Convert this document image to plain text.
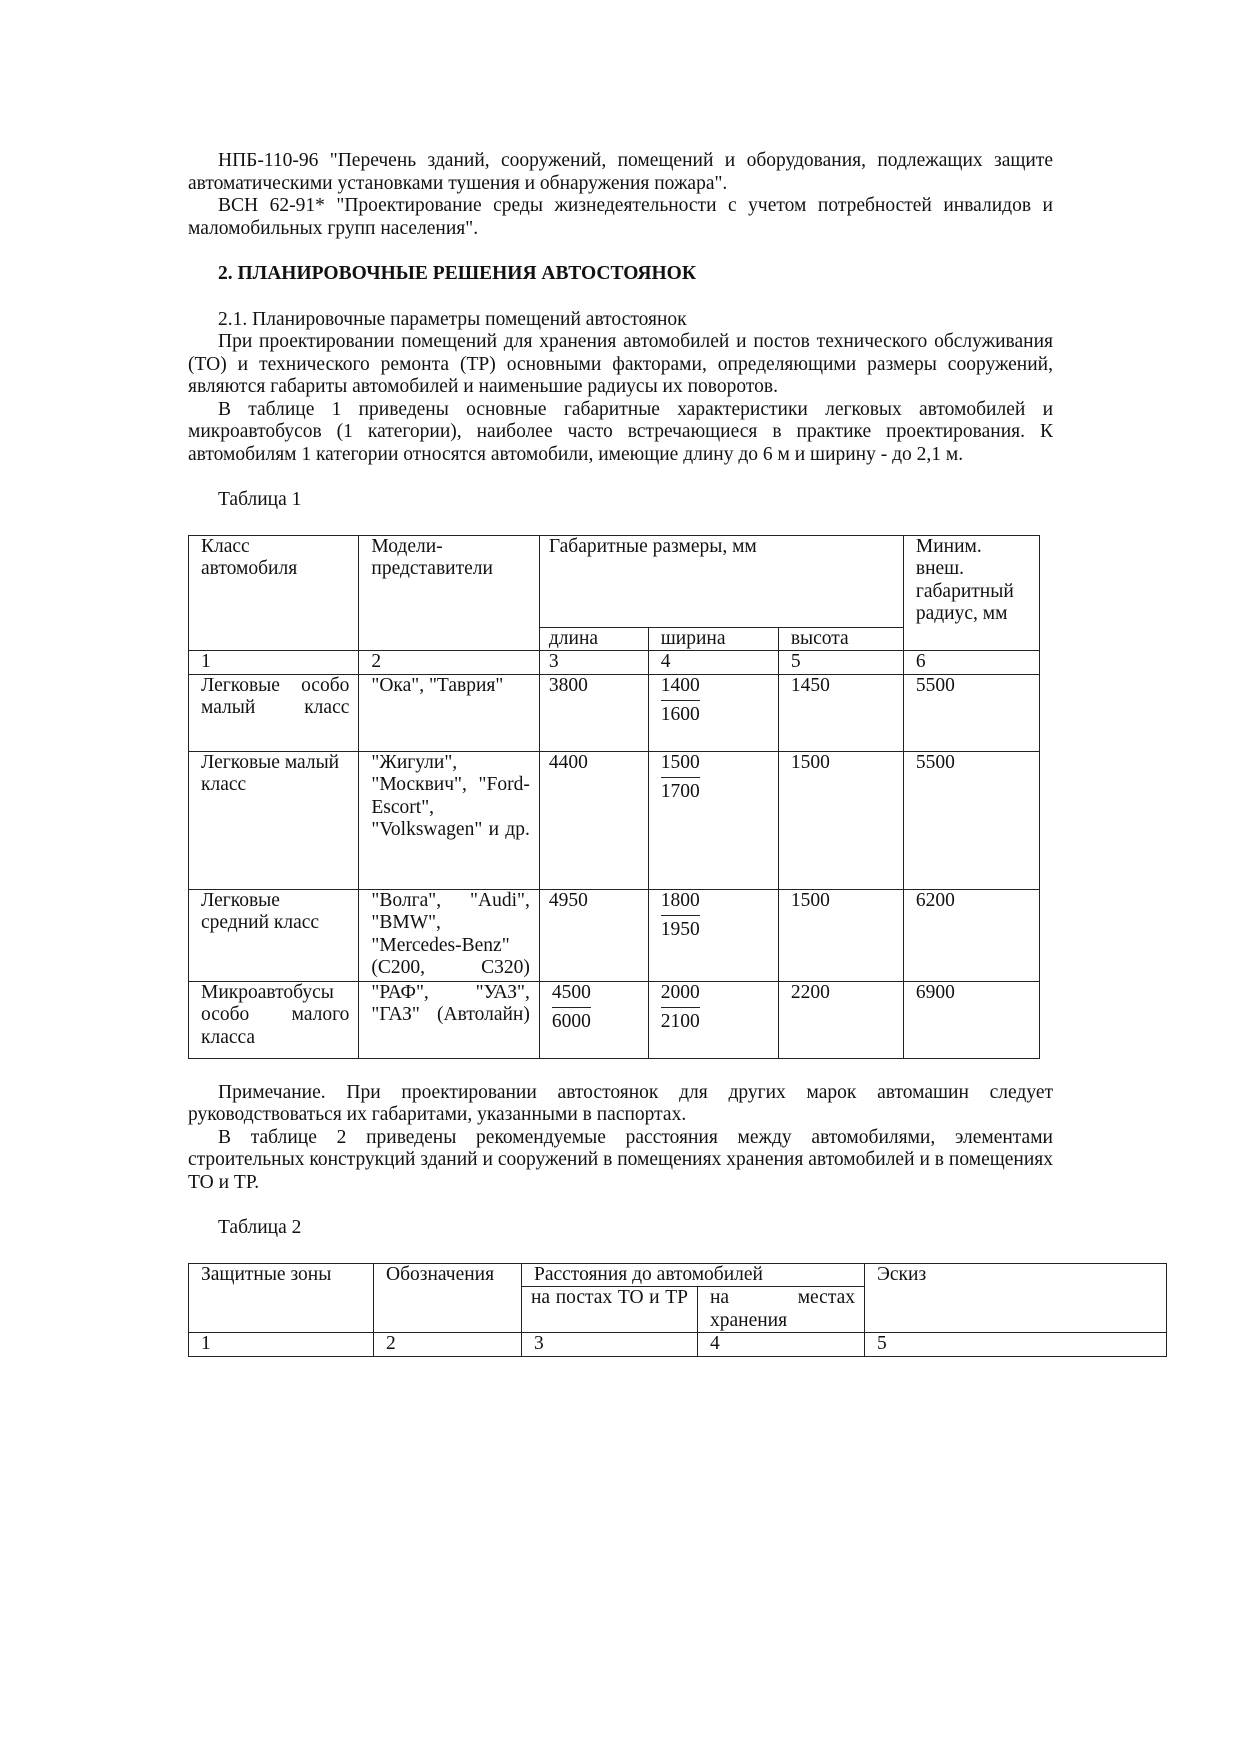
НПБ-110-96 "Перечень зданий, сооружений, помещений и оборудования, подлежащих защите автоматическими установками тушения и обнаружения пожара".

ВСН 62-91* "Проектирование среды жизнедеятельности с учетом потребностей инвалидов и маломобильных групп населения".

2. ПЛАНИРОВОЧНЫЕ РЕШЕНИЯ АВТОСТОЯНОК

2.1. Планировочные параметры помещений автостоянок

При проектировании помещений для хранения автомобилей и постов технического обслуживания (ТО) и технического ремонта (ТР) основными факторами, определяющими размеры сооружений, являются габариты автомобилей и наименьшие радиусы их поворотов.

В таблице 1 приведены основные габаритные характеристики легковых автомобилей и микроавтобусов (1 категории), наиболее часто встречающиеся в практике проектирования. К автомобилям 1 категории относятся автомобили, имеющие длину до 6 м и ширину - до 2,1 м.

Таблица 1
Класс автомобиля	Модели-представители	Габаритные размеры, мм			Миним. внеш. габаритный радиус, мм
		длина	ширина	высота	
1	2	3	4	5	6
Легковые особо малый класс	"Ока", "Таврия"	3800	$\frac{1400}{1600}$	1450	5500
Легковые малый класс	"Жигули", "Москвич", "Ford-Escort", "Volkswagen" и др.	4400	$\frac{1500}{1700}$	1500	5500
Легковые средний класс	"Волга", "Audi", "BMW", "Mercedes-Benz" (C200, C320)	4950	$\frac{1800}{1950}$	1500	6200
Микроавтобусы особо малого класса	"РАФ", "УАЗ", "ГАЗ" (Автолайн)	$\frac{4500}{6000}$	$\frac{2000}{2100}$	2200	6900

Примечание. При проектировании автостоянок для других марок автомашин следует руководствоваться их габаритами, указанными в паспортах.

В таблице 2 приведены рекомендуемые расстояния между автомобилями, элементами строительных конструкций зданий и сооружений в помещениях хранения автомобилей и в помещениях ТО и ТР.

Таблица 2
Защитные зоны	Обозначения	Расстояния до автомобилей		Эскиз
		на постах ТО и ТР	на местах хранения	
1	2	3	4	5
